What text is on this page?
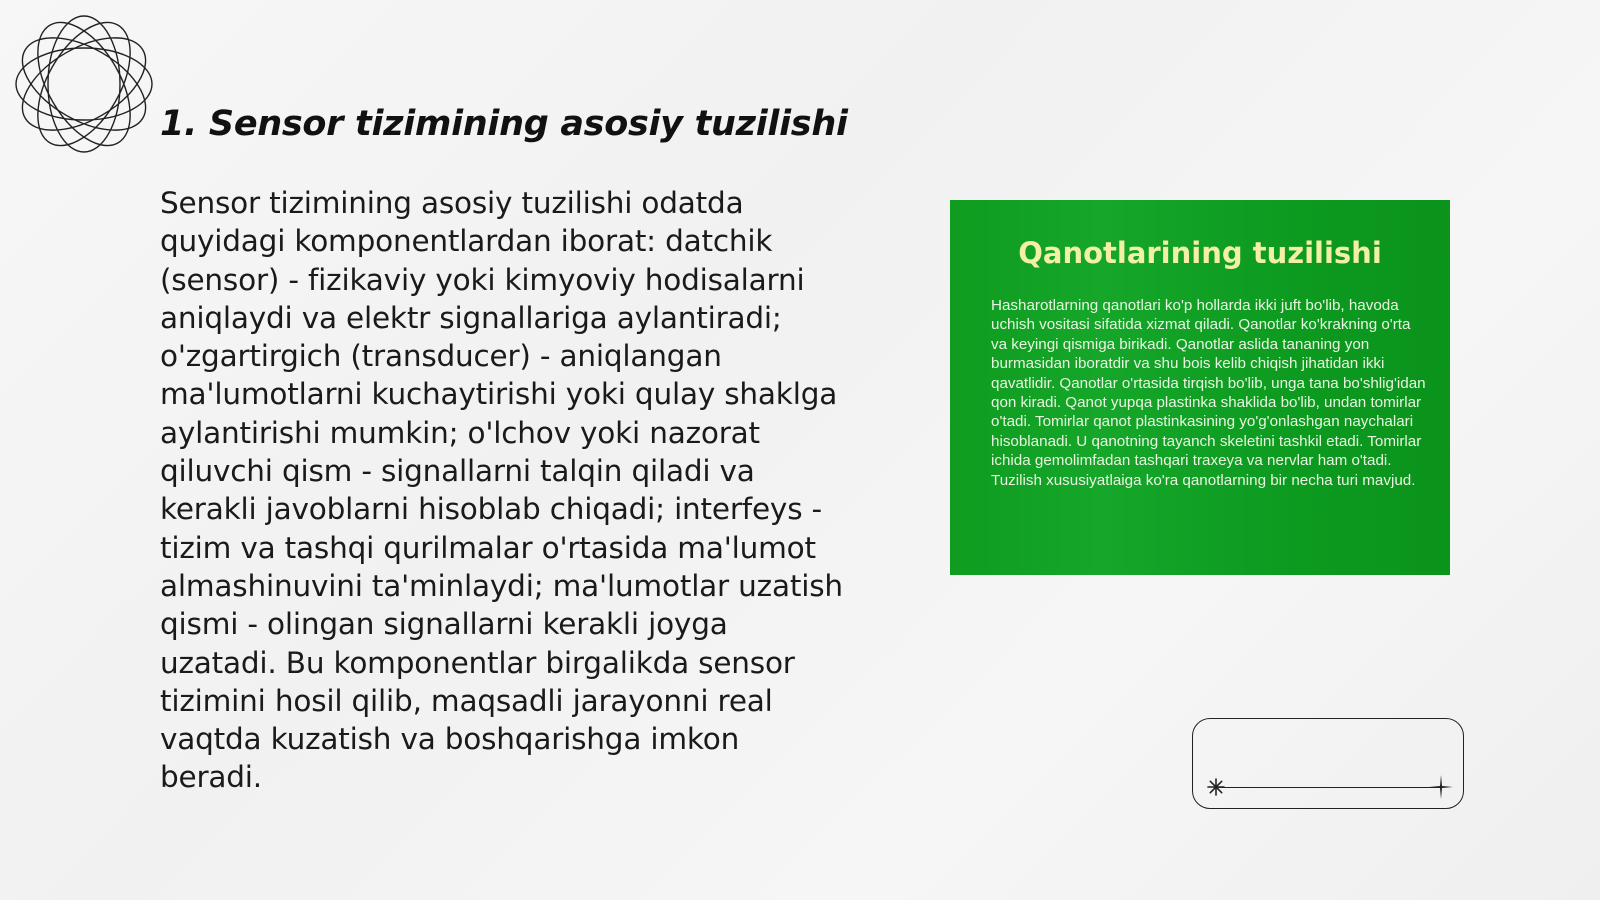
1. Sensor tizimining asosiy tuzilishi

Sensor tizimining asosiy tuzilishi odatda quyidagi komponentlardan iborat: datchik (sensor) - fizikaviy yoki kimyoviy hodisalarni aniqlaydi va elektr signallariga aylantiradi; o'zgartirgich (transducer) - aniqlangan ma'lumotlarni kuchaytirishi yoki qulay shaklga aylantirishi mumkin; o'lchov yoki nazorat qiluvchi qism - signallarni talqin qiladi va kerakli javoblarni hisoblab chiqadi; interfeys - tizim va tashqi qurilmalar o'rtasida ma'lumot almashinuvini ta'minlaydi; ma'lumotlar uzatish qismi - olingan signallarni kerakli joyga uzatadi. Bu komponentlar birgalikda sensor tizimini hosil qilib, maqsadli jarayonni real vaqtda kuzatish va boshqarishga imkon beradi.

Qanotlarining tuzilishi

Hasharotlarning qanotlari ko'p hollarda ikki juft bo'lib, havoda uchish vositasi sifatida xizmat qiladi. Qanotlar ko'krakning o'rta va keyingi qismiga birikadi. Qanotlar aslida tananing yon burmasidan iboratdir va shu bois kelib chiqish jihatidan ikki qavatlidir. Qanotlar o'rtasida tirqish bo'lib, unga tana bo'shlig'idan qon kiradi. Qanot yupqa plastinka shaklida bo'lib, undan tomirlar o'tadi. Tomirlar qanot plastinkasining yo'g'onlashgan naychalari hisoblanadi. U qanotning tayanch skeletini tashkil etadi. Tomirlar ichida gemolimfadan tashqari traxeya va nervlar ham o'tadi. Tuzilish xususiyatlaiga ko'ra qanotlarning bir necha turi mavjud.
